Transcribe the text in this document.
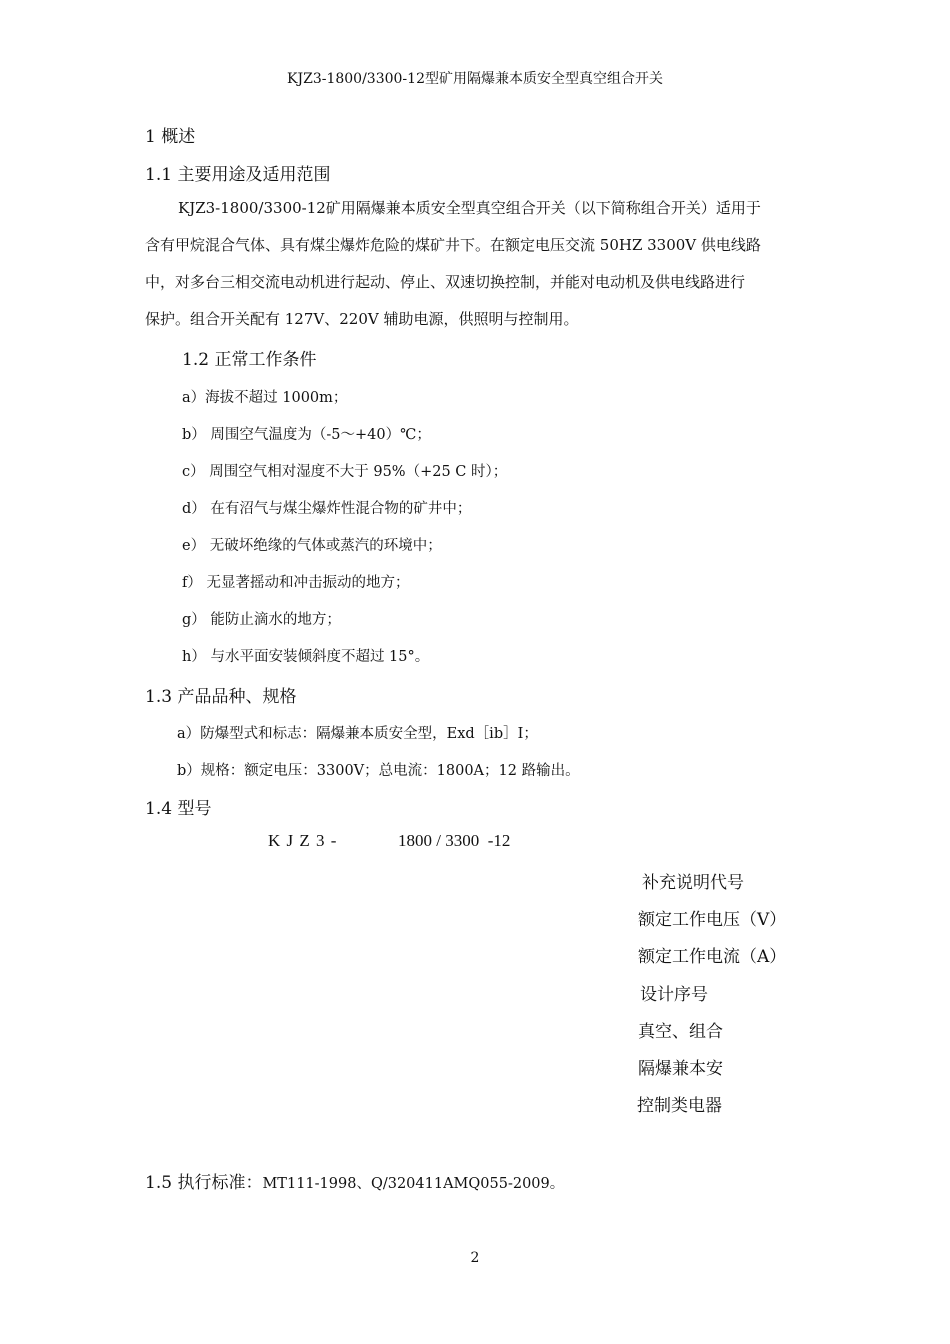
KJZ3-1800/3300-12型矿用隔爆兼本质安全型真空组合开关
1 概述
1.1 主要用途及适用范围
KJZ3-1800/3300-12矿用隔爆兼本质安全型真空组合开关（以下简称组合开关）适用于
含有甲烷混合气体、具有煤尘爆炸危险的煤矿井下。在额定电压交流 50HZ 3300V 供电线路
中，对多台三相交流电动机进行起动、停止、双速切换控制，并能对电动机及供电线路进行
保护。组合开关配有 127V、220V 辅助电源，供照明与控制用。
1.2 正常工作条件
a）海拔不超过 1000m；
b） 周围空气温度为（-5～+40）℃；
c） 周围空气相对湿度不大于 95%（+25 C 时）；
d） 在有沼气与煤尘爆炸性混合物的矿井中；
e） 无破坏绝缘的气体或蒸汽的环境中；
f） 无显著摇动和冲击振动的地方；
g） 能防止滴水的地方；
h） 与水平面安装倾斜度不超过 15°。
1.3 产品品种、规格
a）防爆型式和标志：隔爆兼本质安全型，Exd［ib］Ⅰ；
b）规格：额定电压：3300V；总电流：1800A；12 路输出。
1.4 型号
K J Z 3 -	1800 / 3300  -12
补充说明代号
额定工作电压（V）
额定工作电流（A）
设计序号
真空、组合
隔爆兼本安
控制类电器
1.5 执行标准：MT111-1998、Q/320411AMQ055-2009。
2
